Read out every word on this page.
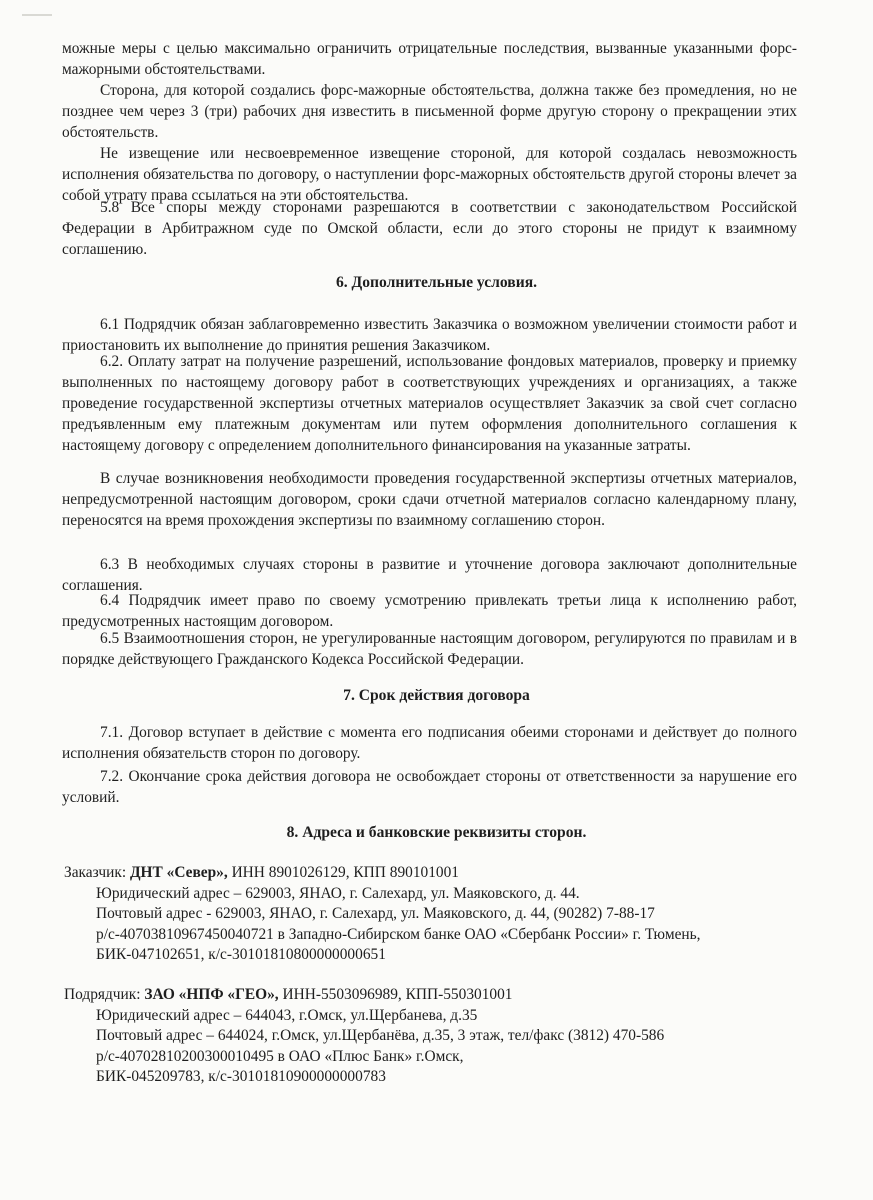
можные меры с целью максимально ограничить отрицательные последствия, вызванные указанными форс-мажорными обстоятельствами.

Сторона, для которой создались форс-мажорные обстоятельства, должна также без промедления, но не позднее чем через 3 (три) рабочих дня известить в письменной форме другую сторону о прекращении этих обстоятельств.

Не извещение или несвоевременное извещение стороной, для которой создалась невозможность исполнения обязательства по договору, о наступлении форс-мажорных обстоятельств другой стороны влечет за собой утрату права ссылаться на эти обстоятельства.

5.8 Все споры между сторонами разрешаются в соответствии с законодательством Российской Федерации в Арбитражном суде по Омской области, если до этого стороны не придут к взаимному соглашению.

6. Дополнительные условия.

6.1 Подрядчик обязан заблаговременно известить Заказчика о возможном увеличении стоимости работ и приостановить их выполнение до принятия решения Заказчиком.

6.2. Оплату затрат на получение разрешений, использование фондовых материалов, проверку и приемку выполненных по настоящему договору работ в соответствующих учреждениях и организациях, а также проведение государственной экспертизы отчетных материалов осуществляет Заказчик за свой счет согласно предъявленным ему платежным документам или путем оформления дополнительного соглашения к настоящему договору с определением дополнительного финансирования на указанные затраты.

В случае возникновения необходимости проведения государственной экспертизы отчетных материалов, непредусмотренной настоящим договором, сроки сдачи отчетной материалов согласно календарному плану, переносятся на время прохождения экспертизы по взаимному соглашению сторон.

6.3 В необходимых случаях стороны в развитие и уточнение договора заключают дополнительные соглашения.

6.4 Подрядчик имеет право по своему усмотрению привлекать третьи лица к исполнению работ, предусмотренных настоящим договором.

6.5 Взаимоотношения сторон, не урегулированные настоящим договором, регулируются по правилам и в порядке действующего Гражданского Кодекса Российской Федерации.

7. Срок действия договора

7.1. Договор вступает в действие с момента его подписания обеими сторонами и действует до полного исполнения обязательств сторон по договору.

7.2. Окончание срока действия договора не освобождает стороны от ответственности за нарушение его условий.

8. Адреса и банковские реквизиты сторон.
Заказчик: ДНТ «Север», ИНН 8901026129, КПП 890101001
Юридический адрес – 629003, ЯНАО, г. Салехард, ул. Маяковского, д. 44.
Почтовый адрес - 629003, ЯНАО, г. Салехард, ул. Маяковского, д. 44, (90282) 7-88-17
р/с-40703810967450040721 в Западно-Сибирском банке ОАО «Сбербанк России» г. Тюмень,
БИК-047102651, к/с-30101810800000000651
Подрядчик: ЗАО «НПФ «ГЕО», ИНН-5503096989, КПП-550301001
Юридический адрес – 644043, г.Омск, ул.Щербанева, д.35
Почтовый адрес – 644024, г.Омск, ул.Щербанёва, д.35, 3 этаж, тел/факс (3812) 470-586
р/с-40702810200300010495 в ОАО «Плюс Банк» г.Омск,
БИК-045209783, к/с-30101810900000000783
